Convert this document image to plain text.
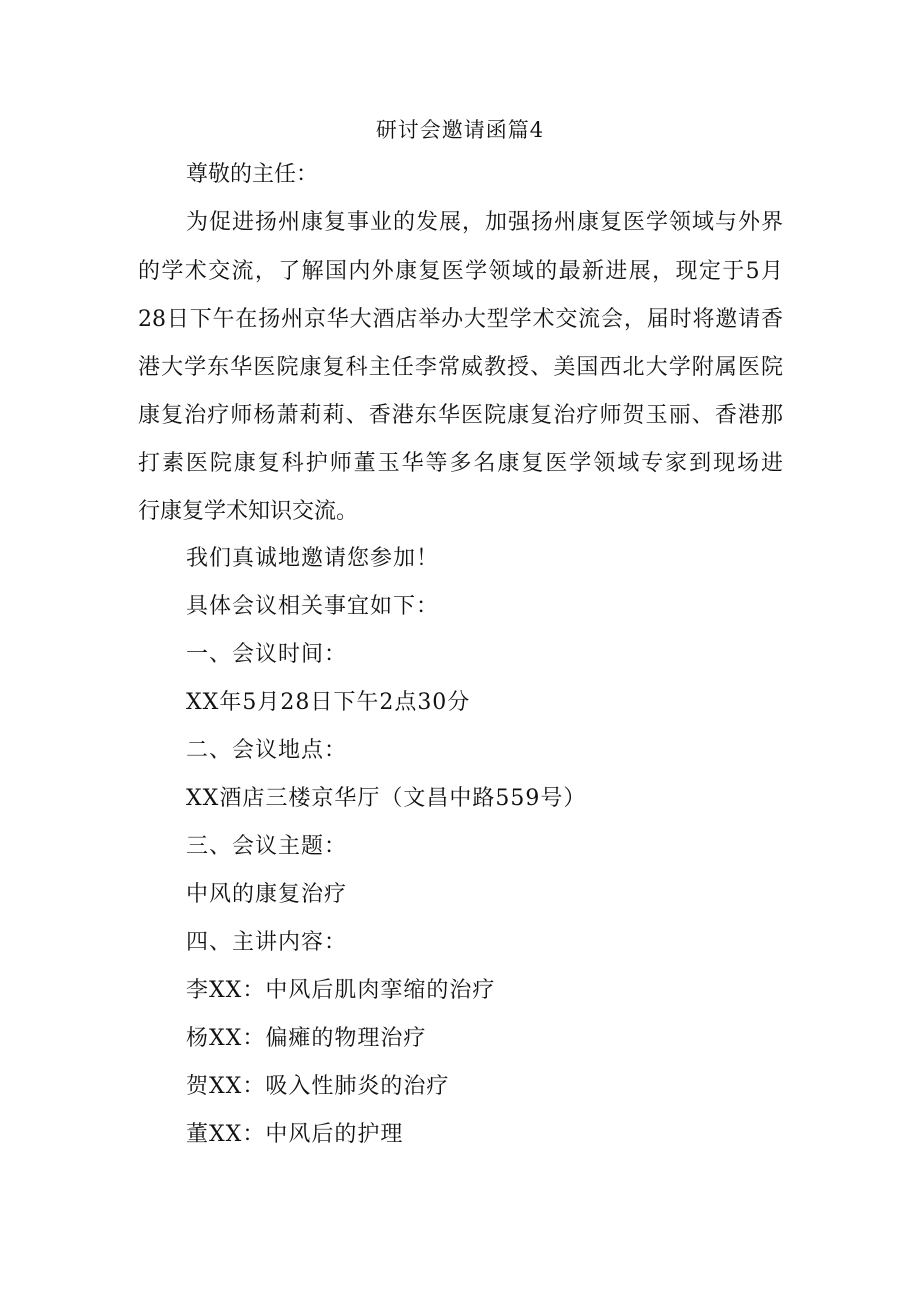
研讨会邀请函篇4
尊敬的主任：
为促进扬州康复事业的发展，加强扬州康复医学领域与外界
的学术交流，了解国内外康复医学领域的最新进展，现定于5月
28日下午在扬州京华大酒店举办大型学术交流会，届时将邀请香
港大学东华医院康复科主任李常威教授、美国西北大学附属医院
康复治疗师杨萧莉莉、香港东华医院康复治疗师贺玉丽、香港那
打素医院康复科护师董玉华等多名康复医学领域专家到现场进
行康复学术知识交流。
我们真诚地邀请您参加！
具体会议相关事宜如下：
一、会议时间：
XX年5月28日下午2点30分
二、会议地点：
XX酒店三楼京华厅（文昌中路559号）
三、会议主题：
中风的康复治疗
四、主讲内容：
李XX：中风后肌肉挛缩的治疗
杨XX：偏瘫的物理治疗
贺XX：吸入性肺炎的治疗
董XX：中风后的护理
